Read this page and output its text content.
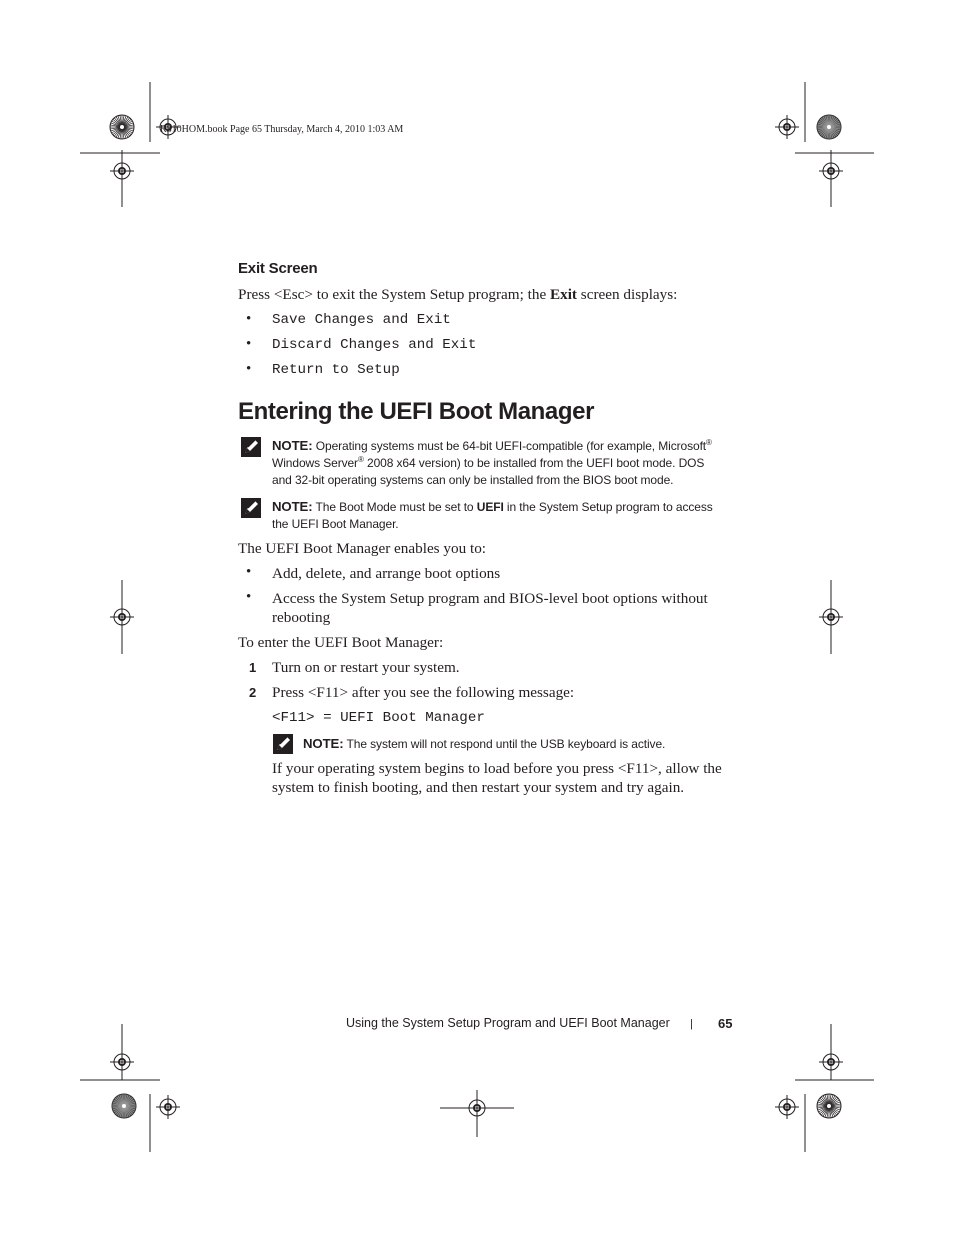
R310HOM.book Page 65 Thursday, March 4, 2010 1:03 AM
Exit Screen
Press <Esc> to exit the System Setup program; the Exit screen displays:
• Save Changes and Exit
• Discard Changes and Exit
• Return to Setup
Entering the UEFI Boot Manager
NOTE: Operating systems must be 64-bit UEFI-compatible (for example, Microsoft®
Windows Server® 2008 x64 version) to be installed from the UEFI boot mode. DOS
and 32-bit operating systems can only be installed from the BIOS boot mode.
NOTE: The Boot Mode must be set to UEFI in the System Setup program to access
the UEFI Boot Manager.
The UEFI Boot Manager enables you to:
• Add, delete, and arrange boot options
• Access the System Setup program and BIOS-level boot options without
rebooting
To enter the UEFI Boot Manager:
1 Turn on or restart your system.
2 Press <F11> after you see the following message:
<F11> = UEFI Boot Manager
NOTE: The system will not respond until the USB keyboard is active.
If your operating system begins to load before you press <F11>, allow the
system to finish booting, and then restart your system and try again.
Using the System Setup Program and UEFI Boot Manager | 65
